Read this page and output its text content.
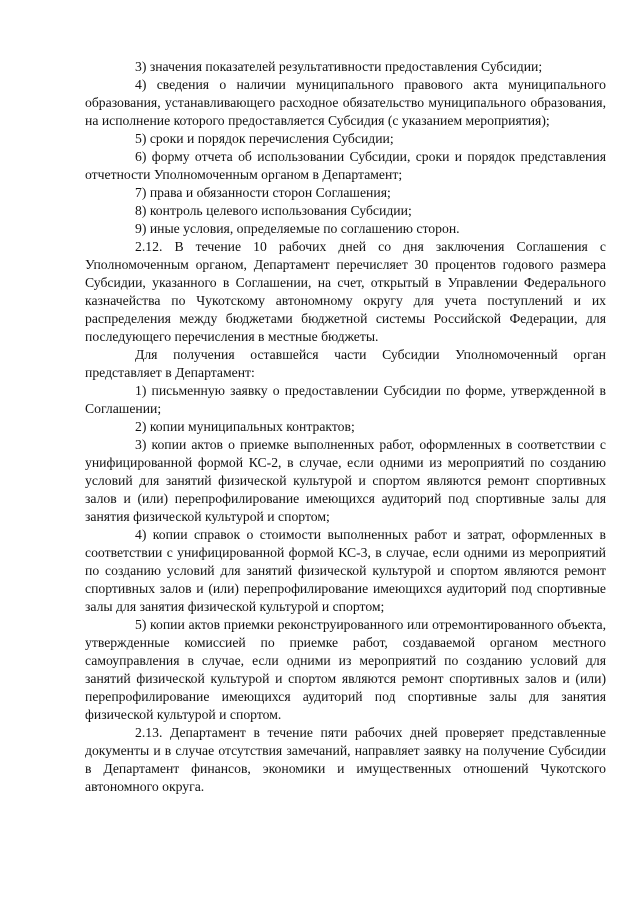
3) значения показателей результативности предоставления Субсидии;

4) сведения о наличии муниципального правового акта муниципального образования, устанавливающего расходное обязательство муниципального образования, на исполнение которого предоставляется Субсидия (с указанием мероприятия);

5) сроки и порядок перечисления Субсидии;

6) форму отчета об использовании Субсидии, сроки и порядок представления отчетности Уполномоченным органом в Департамент;

7) права и обязанности сторон Соглашения;

8) контроль целевого использования Субсидии;

9) иные условия, определяемые по соглашению сторон.

2.12. В течение 10 рабочих дней со дня заключения Соглашения с Уполномоченным органом, Департамент перечисляет 30 процентов годового размера Субсидии, указанного в Соглашении, на счет, открытый в Управлении Федерального казначейства по Чукотскому автономному округу для учета поступлений и их распределения между бюджетами бюджетной системы Российской Федерации, для последующего перечисления в местные бюджеты.

Для получения оставшейся части Субсидии Уполномоченный орган представляет в Департамент:

1) письменную заявку о предоставлении Субсидии по форме, утвержденной в Соглашении;

2) копии муниципальных контрактов;

3) копии актов о приемке выполненных работ, оформленных в соответствии с унифицированной формой КС-2, в случае, если одними из мероприятий по созданию условий для занятий физической культурой и спортом являются ремонт спортивных залов и (или) перепрофилирование имеющихся аудиторий под спортивные залы для занятия физической культурой и спортом;

4) копии справок о стоимости выполненных работ и затрат, оформленных в соответствии с унифицированной формой КС-3, в случае, если одними из мероприятий по созданию условий для занятий физической культурой и спортом являются ремонт спортивных залов и (или) перепрофилирование имеющихся аудиторий под спортивные залы для занятия физической культурой и спортом;

5) копии актов приемки реконструированного или отремонтированного объекта, утвержденные комиссией по приемке работ, создаваемой органом местного самоуправления в случае, если одними из мероприятий по созданию условий для занятий физической культурой и спортом являются ремонт спортивных залов и (или) перепрофилирование имеющихся аудиторий под спортивные залы для занятия физической культурой и спортом.

2.13. Департамент в течение пяти рабочих дней проверяет представленные документы и в случае отсутствия замечаний, направляет заявку на получение Субсидии в Департамент финансов, экономики и имущественных отношений Чукотского автономного округа.
